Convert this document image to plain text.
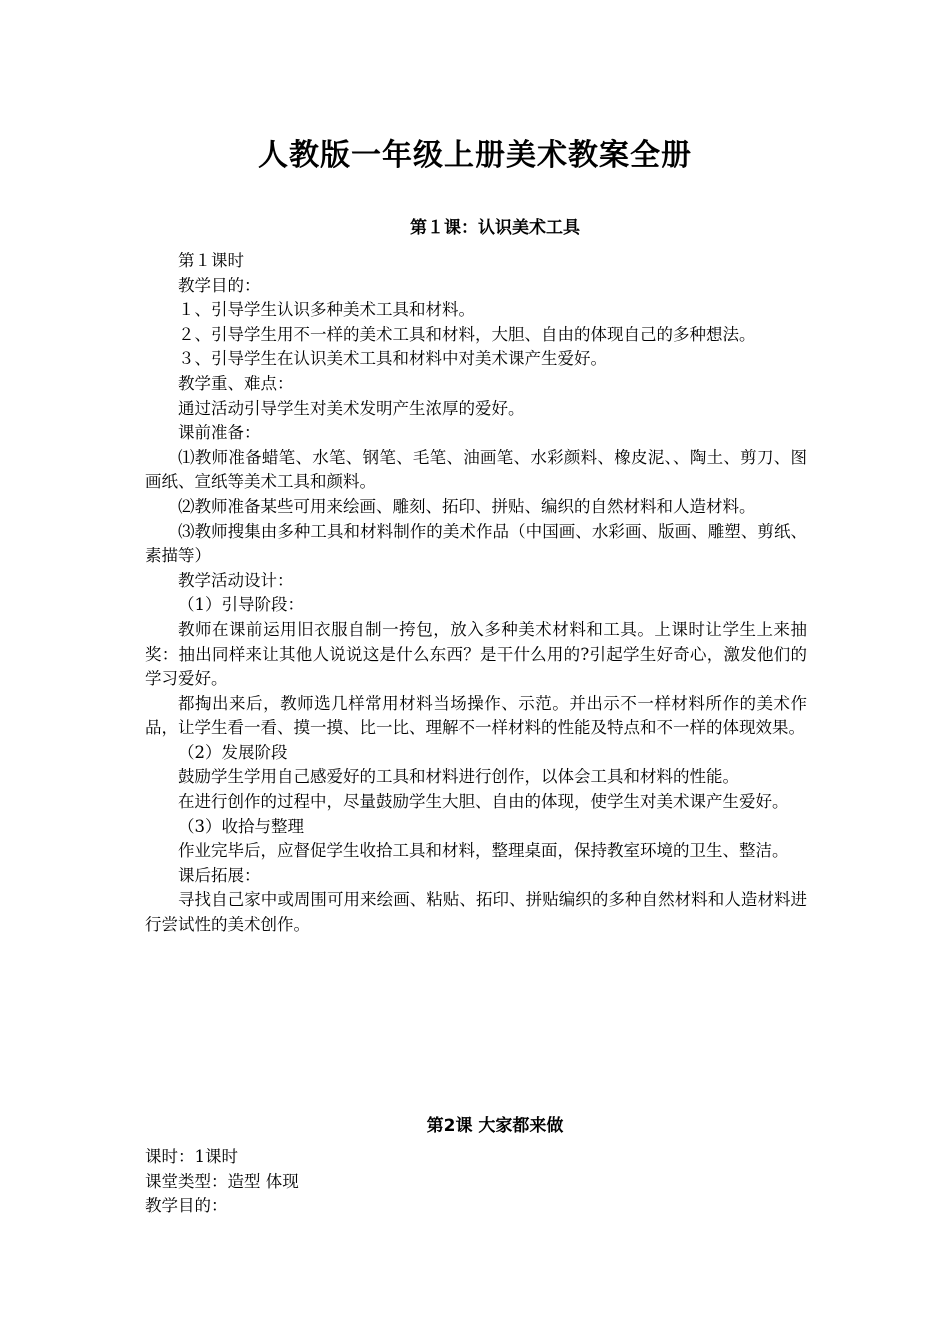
人教版一年级上册美术教案全册
第１课：认识美术工具

第１课时

教学目的：

１、引导学生认识多种美术工具和材料。

２、引导学生用不一样的美术工具和材料，大胆、自由的体现自己的多种想法。

３、引导学生在认识美术工具和材料中对美术课产生爱好。

教学重、难点：

通过活动引导学生对美术发明产生浓厚的爱好。

课前准备：

⑴教师准备蜡笔、水笔、钢笔、毛笔、油画笔、水彩颜料、橡皮泥、、陶土、剪刀、图画纸、宣纸等美术工具和颜料。

⑵教师准备某些可用来绘画、雕刻、拓印、拼贴、编织的自然材料和人造材料。

⑶教师搜集由多种工具和材料制作的美术作品（中国画、水彩画、版画、雕塑、剪纸、素描等）

教学活动设计：

（1）引导阶段：

教师在课前运用旧衣服自制一挎包，放入多种美术材料和工具。上课时让学生上来抽奖：抽出同样来让其他人说说这是什么东西？是干什么用的?引起学生好奇心，激发他们的学习爱好。

都掏出来后，教师选几样常用材料当场操作、示范。并出示不一样材料所作的美术作品，让学生看一看、摸一摸、比一比、理解不一样材料的性能及特点和不一样的体现效果。

（2）发展阶段

鼓励学生学用自己感爱好的工具和材料进行创作，以体会工具和材料的性能。

在进行创作的过程中，尽量鼓励学生大胆、自由的体现，使学生对美术课产生爱好。

（3）收拾与整理

作业完毕后，应督促学生收拾工具和材料，整理桌面，保持教室环境的卫生、整洁。

课后拓展：

寻找自己家中或周围可用来绘画、粘贴、拓印、拼贴编织的多种自然材料和人造材料进行尝试性的美术创作。

第2课 大家都来做

课时：1课时

课堂类型：造型 体现

教学目的：
